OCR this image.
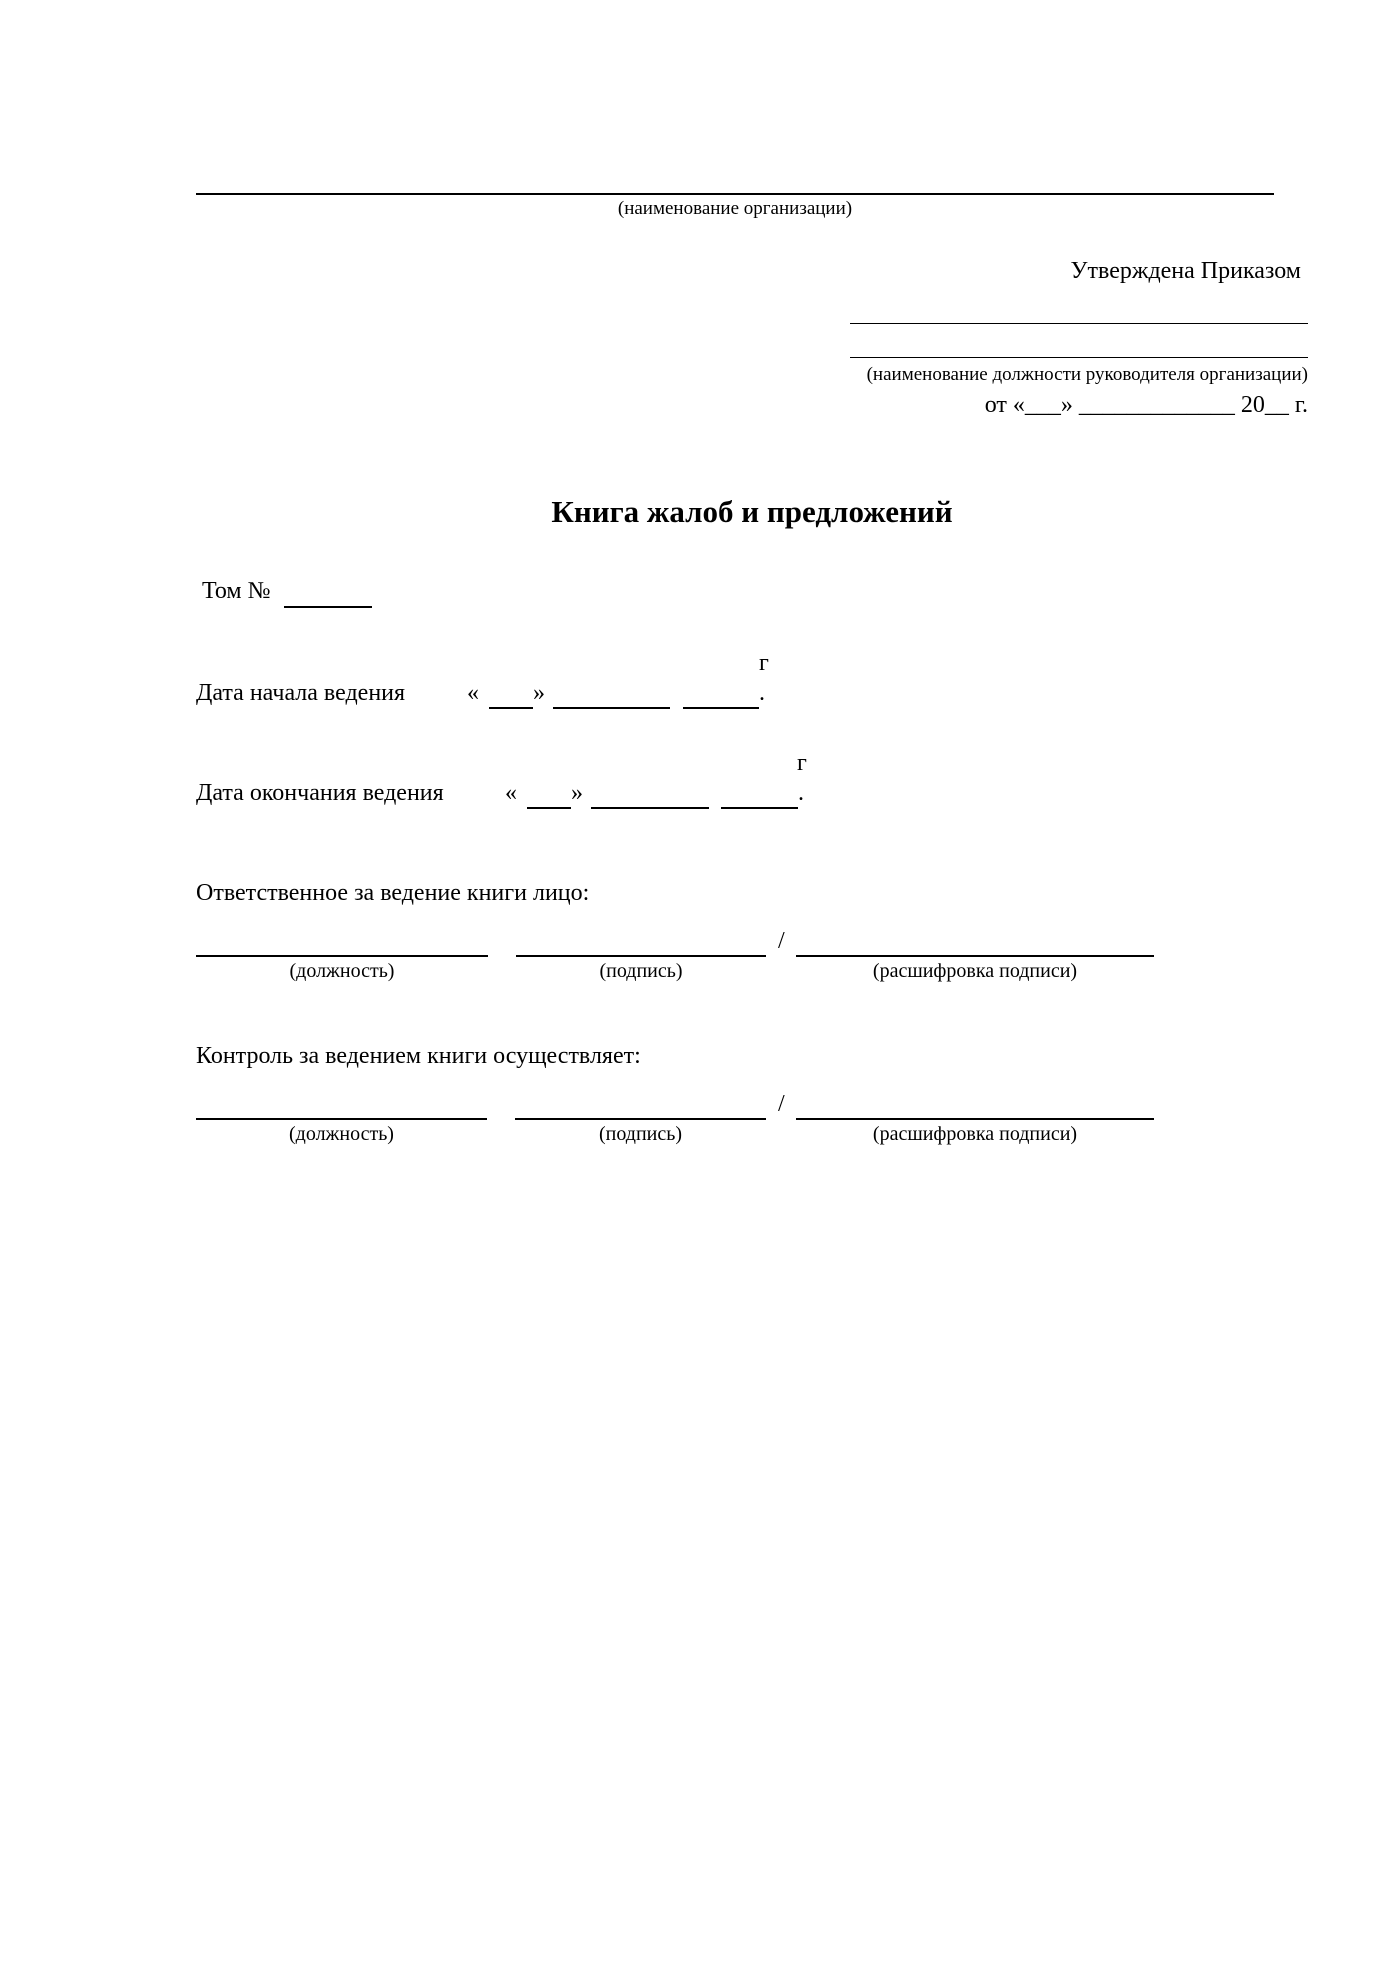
(наименование организации)
Утверждена Приказом
(наименование должности руководителя организации)
от «___» _____________ 20__ г.
Книга жалоб и предложений
Том №
Дата начала ведения	« »	.
г
Дата окончания ведения	« »	.
г
Ответственное за ведение книги лицо:
/
(должность)	(подпись)	(расшифровка подписи)
Контроль за ведением книги осуществляет:
/
(должность)	(подпись)	(расшифровка подписи)
